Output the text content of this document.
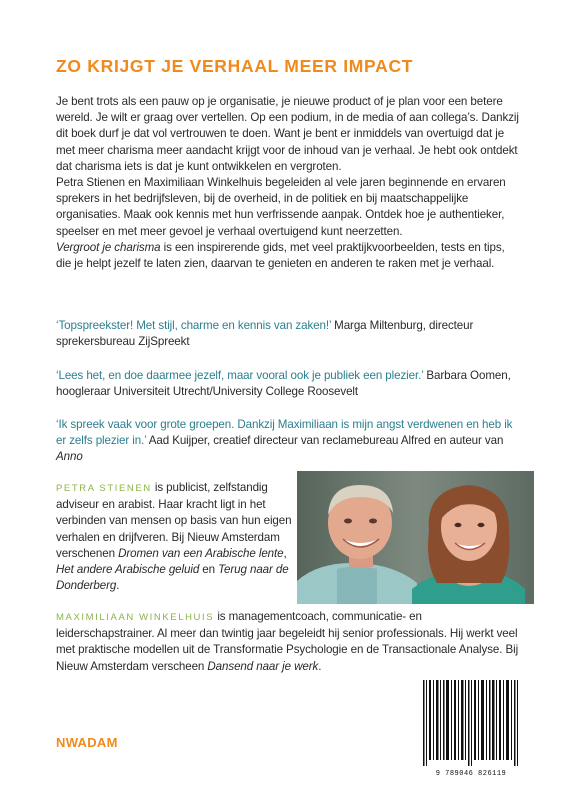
ZO KRIJGT JE VERHAAL MEER IMPACT

Je bent trots als een pauw op je organisatie, je nieuwe product of je plan voor een betere wereld. Je wilt er graag over vertellen. Op een podium, in de media of aan collega’s. Dankzij dit boek durf je dat vol vertrouwen te doen. Want je bent er inmiddels van overtuigd dat je met meer charisma meer aandacht krijgt voor de inhoud van je verhaal. Je hebt ook ontdekt dat charisma iets is dat je kunt ontwikkelen en vergroten.

Petra Stienen en Maximiliaan Winkelhuis begeleiden al vele jaren beginnende en ervaren sprekers in het bedrijfsleven, bij de overheid, in de politiek en bij maatschappelijke organisaties. Maak ook kennis met hun verfrissende aanpak. Ontdek hoe je authentieker, speelser en met meer gevoel je verhaal overtuigend kunt neerzetten.

Vergroot je charisma is een inspirerende gids, met veel praktijkvoorbeelden, tests en tips, die je helpt jezelf te laten zien, daarvan te genieten en anderen te raken met je verhaal.

‘Topspreekster! Met stijl, charme en kennis van zaken!’ Marga Miltenburg, directeur sprekersbureau ZijSpreekt
‘Lees het, en doe daarmee jezelf, maar vooral ook je publiek een plezier.’ Barbara Oomen, hoogleraar Universiteit Utrecht/University College Roosevelt
‘Ik spreek vaak voor grote groepen. Dankzij Maximiliaan is mijn angst verdwenen en heb ik er zelfs plezier in.’ Aad Kuijper, creatief directeur van reclamebureau Alfred en auteur van Anno
PETRA STIENEN is publicist, zelfstandig adviseur en arabist. Haar kracht ligt in het verbinden van mensen op basis van hun eigen verhalen en drijfveren. Bij Nieuw Amsterdam verschenen Dromen van een Arabische lente, Het andere Arabische geluid en Terug naar de Donderberg.
MAXIMILIAAN WINKELHUIS is managementcoach, communicatie- en leiderschapstrainer. Al meer dan twintig jaar begeleidt hij senior professionals. Hij werkt veel met praktische modellen uit de Transformatie Psychologie en de Transactionale Analyse. Bij Nieuw Amsterdam verscheen Dansend naar je werk.
NWADAM
9 789046 826119
